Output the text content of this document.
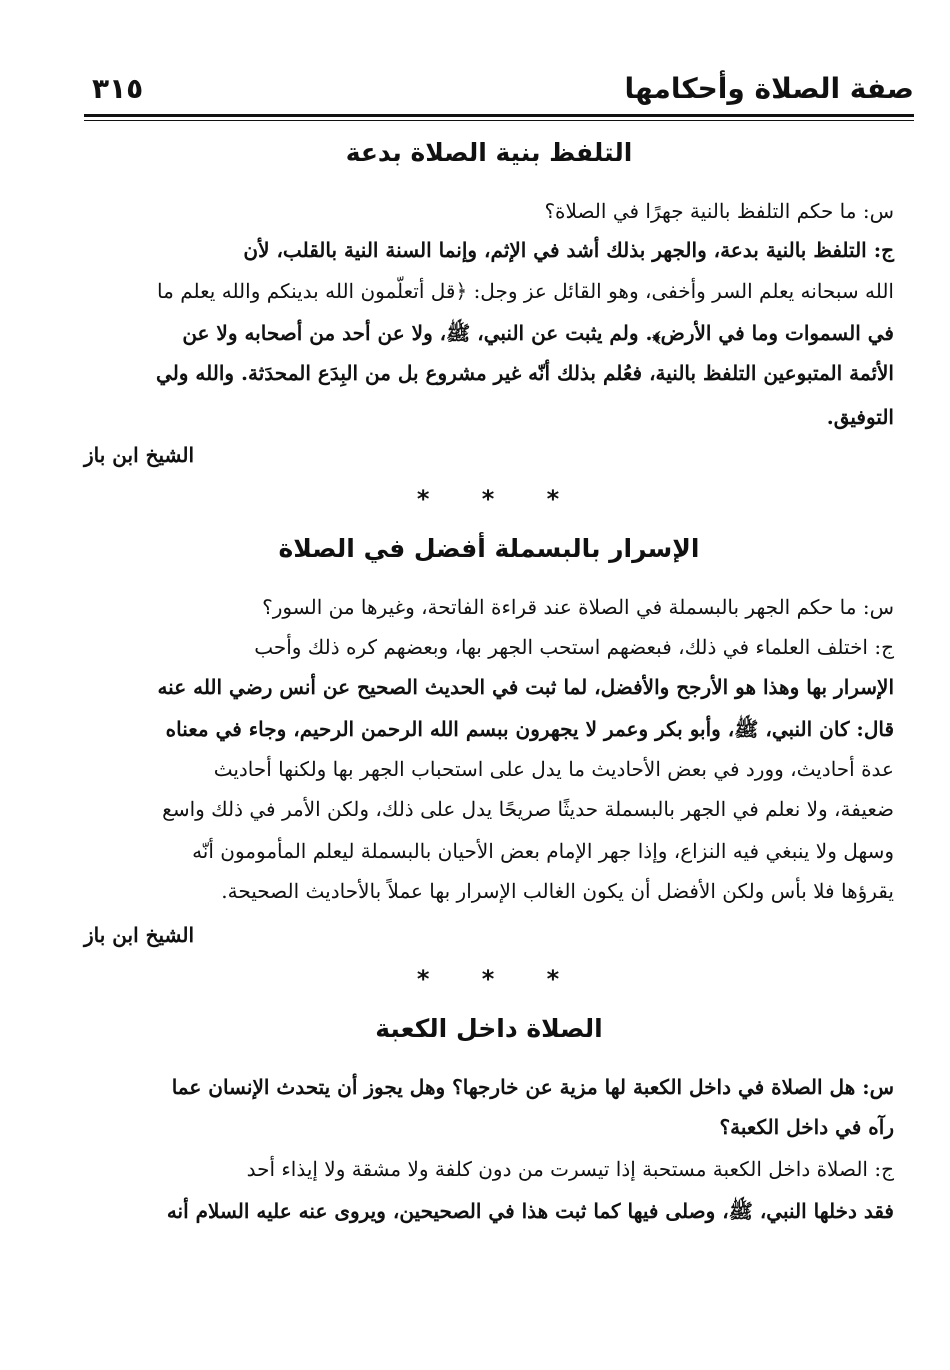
صفة الصلاة وأحكامها
٣١٥
التلفظ بنية الصلاة بدعة
س: ما حكم التلفظ بالنية جهرًا في الصلاة؟
ج: التلفظ بالنية بدعة، والجهر بذلك أشد في الإثم، وإنما السنة النية بالقلب، لأن
الله سبحانه يعلم السر وأخفى، وهو القائل عز وجل: ﴿قل أتعلّمون الله بدينكم والله يعلم ما
في السموات وما في الأرض﴾. ولم يثبت عن النبي، ﷺ، ولا عن أحد من أصحابه ولا عن
الأئمة المتبوعين التلفظ بالنية، فعُلم بذلك أنّه غير مشروع بل من البِدَع المحدَثة. والله ولي
التوفيق.
الشيخ ابن باز
* * *
الإسرار بالبسملة أفضل في الصلاة
س: ما حكم الجهر بالبسملة في الصلاة عند قراءة الفاتحة، وغيرها من السور؟
ج: اختلف العلماء في ذلك، فبعضهم استحب الجهر بها، وبعضهم كره ذلك وأحب
الإسرار بها وهذا هو الأرجح والأفضل، لما ثبت في الحديث الصحيح عن أنس رضي الله عنه
قال: كان النبي، ﷺ، وأبو بكر وعمر لا يجهرون ببسم الله الرحمن الرحيم، وجاء في معناه
عدة أحاديث، وورد في بعض الأحاديث ما يدل على استحباب الجهر بها ولكنها أحاديث
ضعيفة، ولا نعلم في الجهر بالبسملة حديثًا صريحًا يدل على ذلك، ولكن الأمر في ذلك واسع
وسهل ولا ينبغي فيه النزاع، وإذا جهر الإمام بعض الأحيان بالبسملة ليعلم المأمومون أنّه
يقرؤها فلا بأس ولكن الأفضل أن يكون الغالب الإسرار بها عملاً بالأحاديث الصحيحة.
الشيخ ابن باز
* * *
الصلاة داخل الكعبة
س: هل الصلاة في داخل الكعبة لها مزية عن خارجها؟ وهل يجوز أن يتحدث الإنسان عما
رآه في داخل الكعبة؟
ج: الصلاة داخل الكعبة مستحبة إذا تيسرت من دون كلفة ولا مشقة ولا إيذاء أحد
فقد دخلها النبي، ﷺ، وصلى فيها كما ثبت هذا في الصحيحين، ويروى عنه عليه السلام أنه
